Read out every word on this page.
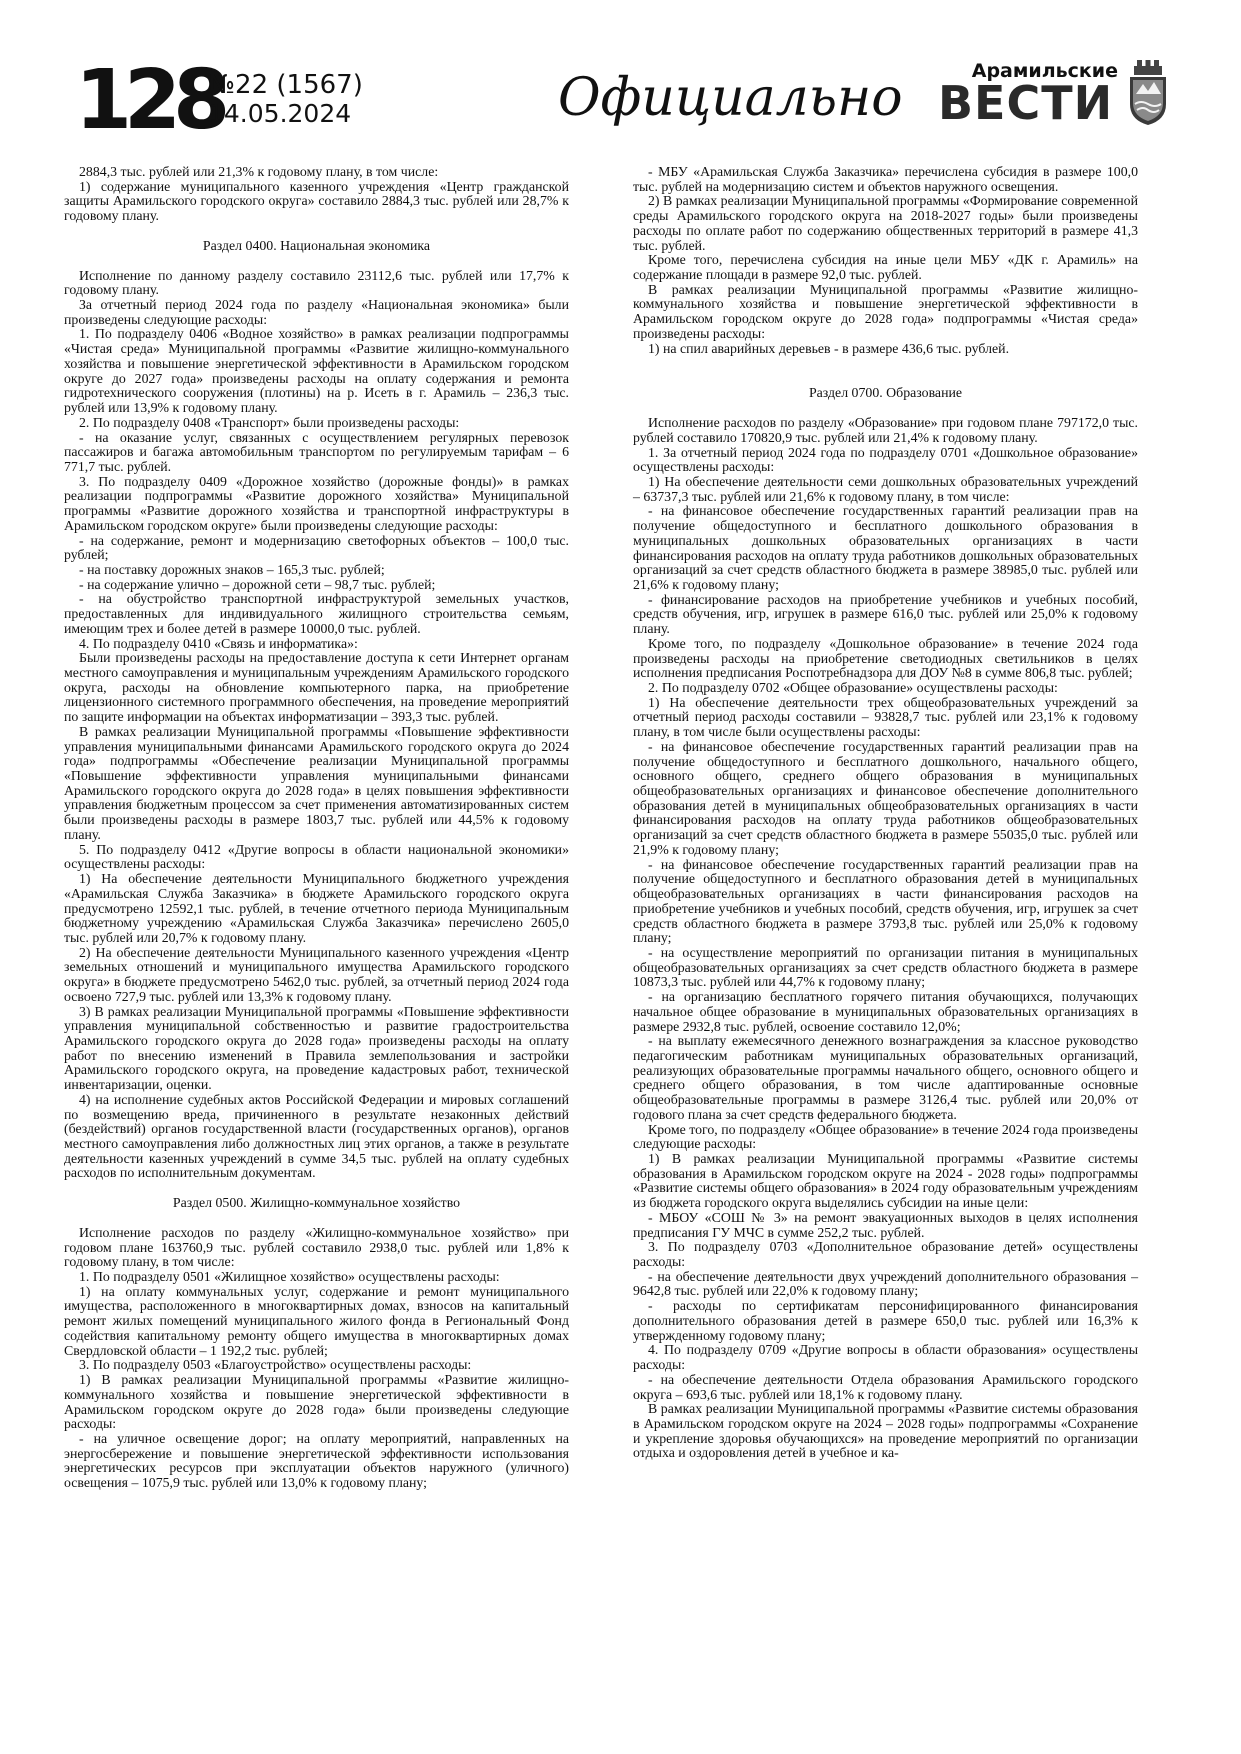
128
№22 (1567)
14.05.2024	Официально	Арамильские
ВЕСТИ

2884,3 тыс. рублей или 21,3% к годовому плану, в том числе:

1) содержание муниципального казенного учреждения «Центр гражданской защиты Арамильского городского округа» составило 2884,3 тыс. рублей или 28,7% к годовому плану.

Раздел 0400. Национальная экономика

Исполнение по данному разделу составило 23112,6 тыс. рублей или 17,7% к годовому плану.

За отчетный период 2024 года по разделу «Национальная экономика» были произведены следующие расходы:

1. По подразделу 0406 «Водное хозяйство» в рамках реализации подпрограммы «Чистая среда» Муниципальной программы «Развитие жилищно-коммунального хозяйства и повышение энергетической эффективности в Арамильском городском округе до 2027 года» произведены расходы на оплату содержания и ремонта гидротехнического сооружения (плотины) на р. Исеть в г. Арамиль – 236,3 тыс. рублей или 13,9% к годовому плану.

2. По подразделу 0408 «Транспорт» были произведены расходы:

- на оказание услуг, связанных с осуществлением регулярных перевозок пассажиров и багажа автомобильным транспортом по регулируемым тарифам – 6 771,7 тыс. рублей.

3. По подразделу 0409 «Дорожное хозяйство (дорожные фонды)» в рамках реализации подпрограммы «Развитие дорожного хозяйства» Муниципальной программы «Развитие дорожного хозяйства и транспортной инфраструктуры в Арамильском городском округе» были произведены следующие расходы:

- на содержание, ремонт и модернизацию светофорных объектов – 100,0 тыс. рублей;

- на поставку дорожных знаков – 165,3 тыс. рублей;

- на содержание улично – дорожной сети – 98,7 тыс. рублей;

- на обустройство транспортной инфраструктурой земельных участков, предоставленных для индивидуального жилищного строительства семьям, имеющим трех и более детей в размере 10000,0 тыс. рублей.

4. По подразделу 0410 «Связь и информатика»:

Были произведены расходы на предоставление доступа к сети Интернет органам местного самоуправления и муниципальным учреждениям Арамильского городского округа, расходы на обновление компьютерного парка, на приобретение лицензионного системного программного обеспечения, на проведение мероприятий по защите информации на объектах информатизации – 393,3 тыс. рублей.

В рамках реализации Муниципальной программы «Повышение эффективности управления муниципальными финансами Арамильского городского округа до 2024 года» подпрограммы «Обеспечение реализации Муниципальной программы «Повышение эффективности управления муниципальными финансами Арамильского городского округа до 2028 года» в целях повышения эффективности управления бюджетным процессом за счет применения автоматизированных систем были произведены расходы в размере 1803,7 тыс. рублей или 44,5% к годовому плану.

5. По подразделу 0412 «Другие вопросы в области национальной экономики» осуществлены расходы:

1) На обеспечение деятельности Муниципального бюджетного учреждения «Арамильская Служба Заказчика» в бюджете Арамильского городского округа предусмотрено 12592,1 тыс. рублей, в течение отчетного периода Муниципальным бюджетному учреждению «Арамильская Служба Заказчика» перечислено 2605,0 тыс. рублей или 20,7% к годовому плану.

2) На обеспечение деятельности Муниципального казенного учреждения «Центр земельных отношений и муниципального имущества Арамильского городского округа» в бюджете предусмотрено 5462,0 тыс. рублей, за отчетный период 2024 года освоено 727,9 тыс. рублей или 13,3% к годовому плану.

3) В рамках реализации Муниципальной программы «Повышение эффективности управления муниципальной собственностью и развитие градостроительства Арамильского городского округа до 2028 года» произведены расходы на оплату работ по внесению изменений в Правила землепользования и застройки Арамильского городского округа, на проведение кадастровых работ, технической инвентаризации, оценки.

4) на исполнение судебных актов Российской Федерации и мировых соглашений по возмещению вреда, причиненного в результате незаконных действий (бездействий) органов государственной власти (государственных органов), органов местного самоуправления либо должностных лиц этих органов, а также в результате деятельности казенных учреждений в сумме 34,5 тыс. рублей на оплату судебных расходов по исполнительным документам.

Раздел 0500. Жилищно-коммунальное хозяйство

Исполнение расходов по разделу «Жилищно-коммунальное хозяйство» при годовом плане 163760,9 тыс. рублей составило 2938,0 тыс. рублей или 1,8% к годовому плану, в том числе:

1. По подразделу 0501 «Жилищное хозяйство» осуществлены расходы:

1) на оплату коммунальных услуг, содержание и ремонт муниципального имущества, расположенного в многоквартирных домах, взносов на капитальный ремонт жилых помещений муниципального жилого фонда в Региональный Фонд содействия капитальному ремонту общего имущества в многоквартирных домах Свердловской области – 1 192,2 тыс. рублей;

3. По подразделу 0503 «Благоустройство» осуществлены расходы:

1) В рамках реализации Муниципальной программы «Развитие жилищно-коммунального хозяйства и повышение энергетической эффективности в Арамильском городском округе до 2028 года» были произведены следующие расходы:

- на уличное освещение дорог; на оплату мероприятий, направленных на энергосбережение и повышение энергетической эффективности использования энергетических ресурсов при эксплуатации объектов наружного (уличного) освещения – 1075,9 тыс. рублей или 13,0% к годовому плану;

- МБУ «Арамильская Служба Заказчика» перечислена субсидия в размере 100,0 тыс. рублей на модернизацию систем и объектов наружного освещения.

2) В рамках реализации Муниципальной программы «Формирование современной среды Арамильского городского округа на 2018-2027 годы» были произведены расходы по оплате работ по содержанию общественных территорий в размере 41,3 тыс. рублей.

Кроме того, перечислена субсидия на иные цели МБУ «ДК г. Арамиль» на содержание площади в размере 92,0 тыс. рублей.

В рамках реализации Муниципальной программы «Развитие жилищно-коммунального хозяйства и повышение энергетической эффективности в Арамильском городском округе до 2028 года» подпрограммы «Чистая среда» произведены расходы:

1) на спил аварийных деревьев - в размере 436,6 тыс. рублей.

Раздел 0700. Образование

Исполнение расходов по разделу «Образование» при годовом плане 797172,0 тыс. рублей составило 170820,9 тыс. рублей или 21,4% к годовому плану.

1. За отчетный период 2024 года по подразделу 0701 «Дошкольное образование» осуществлены расходы:

1) На обеспечение деятельности семи дошкольных образовательных учреждений – 63737,3 тыс. рублей или 21,6% к годовому плану, в том числе:

- на финансовое обеспечение государственных гарантий реализации прав на получение общедоступного и бесплатного дошкольного образования в муниципальных дошкольных образовательных организациях в части финансирования расходов на оплату труда работников дошкольных образовательных организаций за счет средств областного бюджета в размере 38985,0 тыс. рублей или 21,6% к годовому плану;

- финансирование расходов на приобретение учебников и учебных пособий, средств обучения, игр, игрушек в размере 616,0 тыс. рублей или 25,0% к годовому плану.

Кроме того, по подразделу «Дошкольное образование» в течение 2024 года произведены расходы на приобретение светодиодных светильников в целях исполнения предписания Роспотребнадзора для ДОУ №8 в сумме 806,8 тыс. рублей;

2. По подразделу 0702 «Общее образование» осуществлены расходы:

1) На обеспечение деятельности трех общеобразовательных учреждений за отчетный период расходы составили – 93828,7 тыс. рублей или 23,1% к годовому плану, в том числе были осуществлены расходы:

- на финансовое обеспечение государственных гарантий реализации прав на получение общедоступного и бесплатного дошкольного, начального общего, основного общего, среднего общего образования в муниципальных общеобразовательных организациях и финансовое обеспечение дополнительного образования детей в муниципальных общеобразовательных организациях в части финансирования расходов на оплату труда работников общеобразовательных организаций за счет средств областного бюджета в размере 55035,0 тыс. рублей или 21,9% к годовому плану;

- на финансовое обеспечение государственных гарантий реализации прав на получение общедоступного и бесплатного образования детей в муниципальных общеобразовательных организациях в части финансирования расходов на приобретение учебников и учебных пособий, средств обучения, игр, игрушек за счет средств областного бюджета в размере 3793,8 тыс. рублей или 25,0% к годовому плану;

- на осуществление мероприятий по организации питания в муниципальных общеобразовательных организациях за счет средств областного бюджета в размере 10873,3 тыс. рублей или 44,7% к годовому плану;

- на организацию бесплатного горячего питания обучающихся, получающих начальное общее образование в муниципальных образовательных организациях в размере 2932,8 тыс. рублей, освоение составило 12,0%;

- на выплату ежемесячного денежного вознаграждения за классное руководство педагогическим работникам муниципальных образовательных организаций, реализующих образовательные программы начального общего, основного общего и среднего общего образования, в том числе адаптированные основные общеобразовательные программы в размере 3126,4 тыс. рублей или 20,0% от годового плана за счет средств федерального бюджета.

Кроме того, по подразделу «Общее образование» в течение 2024 года произведены следующие расходы:

1) В рамках реализации Муниципальной программы «Развитие системы образования в Арамильском городском округе на 2024 - 2028 годы» подпрограммы «Развитие системы общего образования» в 2024 году образовательным учреждениям из бюджета городского округа выделялись субсидии на иные цели:

- МБОУ «СОШ № 3» на ремонт эвакуационных выходов в целях исполнения предписания ГУ МЧС в сумме 252,2 тыс. рублей.

3. По подразделу 0703 «Дополнительное образование детей» осуществлены расходы:

- на обеспечение деятельности двух учреждений дополнительного образования – 9642,8 тыс. рублей или 22,0% к годовому плану;

- расходы по сертификатам персонифицированного финансирования дополнительного образования детей в размере 650,0 тыс. рублей или 16,3% к утвержденному годовому плану;

4. По подразделу 0709 «Другие вопросы в области образования» осуществлены расходы:

- на обеспечение деятельности Отдела образования Арамильского городского округа – 693,6 тыс. рублей или 18,1% к годовому плану.

В рамках реализации Муниципальной программы «Развитие системы образования в Арамильском городском округе на 2024 – 2028 годы» подпрограммы «Сохранение и укрепление здоровья обучающихся» на проведение мероприятий по организации отдыха и оздоровления детей в учебное и ка-
